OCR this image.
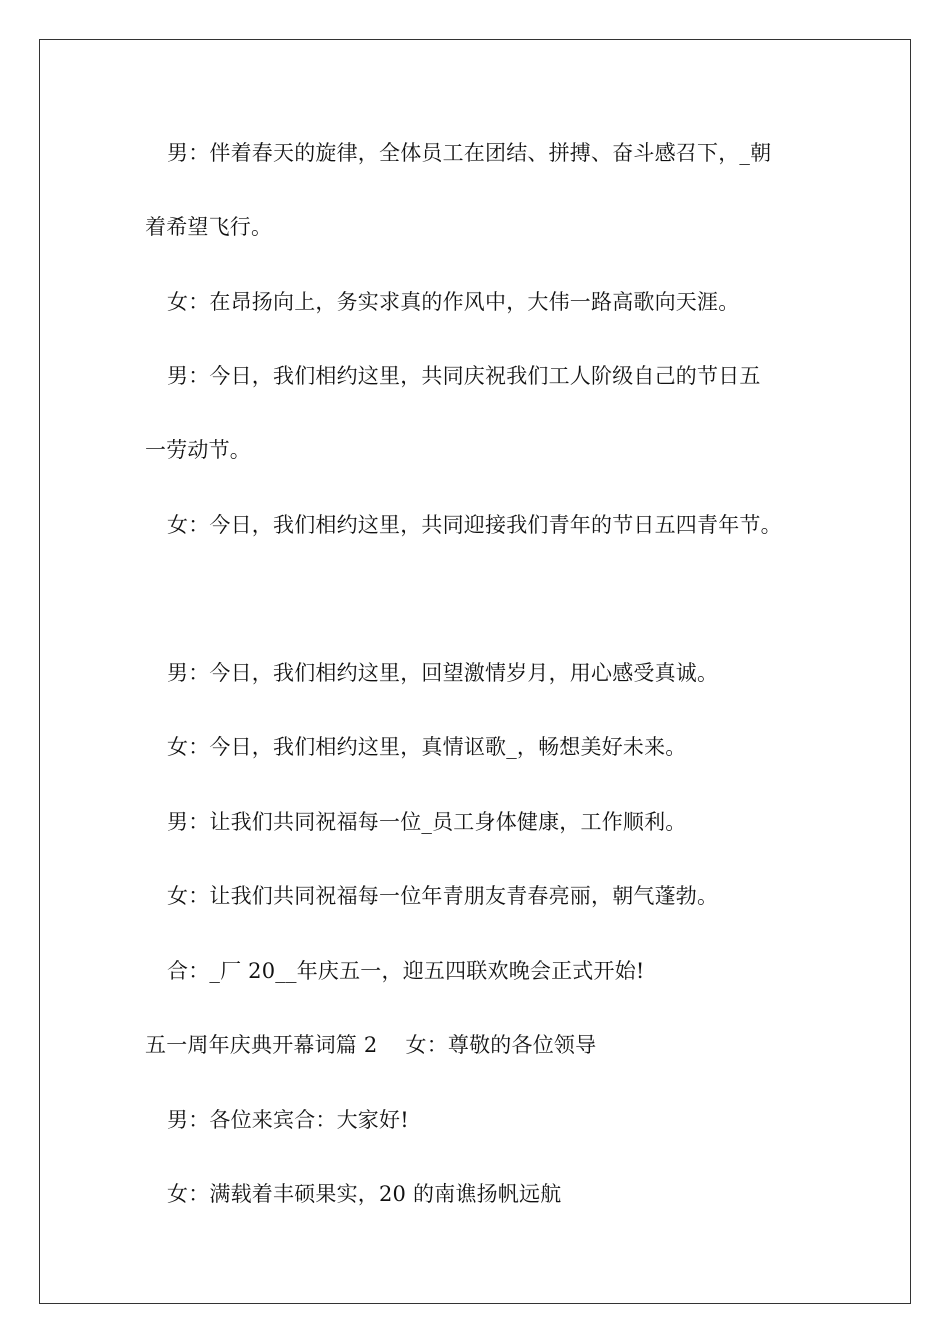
男：伴着春天的旋律，全体员工在团结、拼搏、奋斗感召下，_朝
着希望飞行。
女：在昂扬向上，务实求真的作风中，大伟一路高歌向天涯。
男：今日，我们相约这里，共同庆祝我们工人阶级自己的节日五
一劳动节。
女：今日，我们相约这里，共同迎接我们青年的节日五四青年节。
男：今日，我们相约这里，回望激情岁月，用心感受真诚。
女：今日，我们相约这里，真情讴歌_，畅想美好未来。
男：让我们共同祝福每一位_员工身体健康，工作顺利。
女：让我们共同祝福每一位年青朋友青春亮丽，朝气蓬勃。
合：_厂 20__年庆五一，迎五四联欢晚会正式开始!
五一周年庆典开幕词篇 2　 女：尊敬的各位领导
男：各位来宾合：大家好!
女：满载着丰硕果实，20 的南谯扬帆远航
